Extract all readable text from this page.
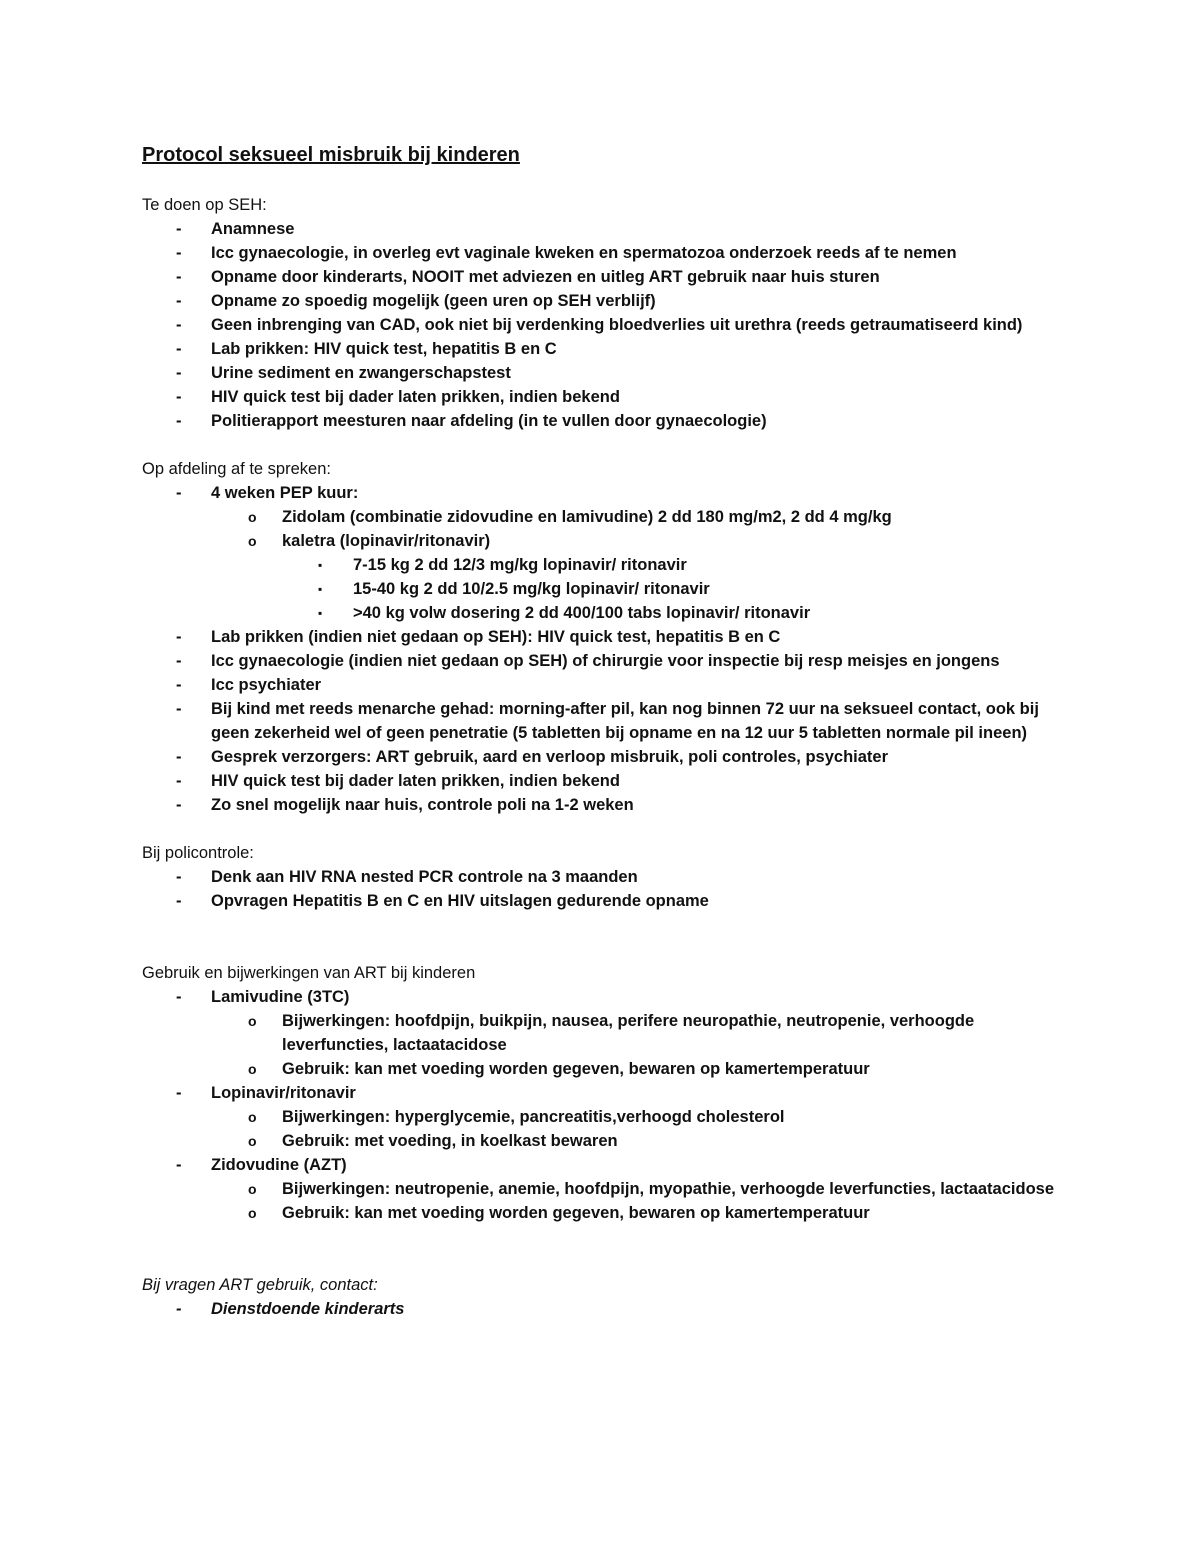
Protocol seksueel misbruik bij kinderen

Te doen op SEH:

- Anamnese
- Icc gynaecologie, in overleg evt vaginale kweken en spermatozoa onderzoek reeds af te nemen
- Opname door kinderarts, NOOIT met adviezen en uitleg ART gebruik naar huis sturen
- Opname zo spoedig mogelijk (geen uren op SEH verblijf)
- Geen inbrenging van CAD, ook niet bij verdenking bloedverlies uit urethra (reeds getraumatiseerd kind)
- Lab prikken: HIV quick test, hepatitis B en C
- Urine sediment en zwangerschapstest
- HIV quick test bij dader laten prikken, indien bekend
- Politierapport meesturen naar afdeling (in te vullen door gynaecologie)

Op afdeling af te spreken:

- 4 weken PEP kuur:
o Zidolam (combinatie zidovudine en lamivudine) 2 dd 180 mg/m2, 2 dd 4 mg/kg
o kaletra (lopinavir/ritonavir)
▪ 7-15 kg 2 dd 12/3 mg/kg lopinavir/ ritonavir
▪ 15-40 kg 2 dd 10/2.5 mg/kg lopinavir/ ritonavir
▪ >40 kg volw dosering 2 dd 400/100 tabs lopinavir/ ritonavir
- Lab prikken (indien niet gedaan op SEH): HIV quick test, hepatitis B en C
- Icc gynaecologie (indien niet gedaan op SEH) of chirurgie voor inspectie bij resp meisjes en jongens
- Icc psychiater
- Bij kind met reeds menarche gehad: morning-after pil, kan nog binnen 72 uur na seksueel contact, ook bij geen zekerheid wel of geen penetratie (5 tabletten bij opname en na 12 uur 5 tabletten normale pil ineen)
- Gesprek verzorgers: ART gebruik, aard en verloop misbruik, poli controles, psychiater
- HIV quick test bij dader laten prikken, indien bekend
- Zo snel mogelijk naar huis, controle poli na 1-2 weken

Bij policontrole:

- Denk aan HIV RNA nested PCR controle na 3 maanden
- Opvragen Hepatitis B en C en HIV uitslagen gedurende opname

Gebruik en bijwerkingen van ART bij kinderen

- Lamivudine (3TC)
o Bijwerkingen: hoofdpijn, buikpijn, nausea, perifere neuropathie, neutropenie, verhoogde leverfuncties, lactaatacidose
o Gebruik: kan met voeding worden gegeven, bewaren op kamertemperatuur
- Lopinavir/ritonavir
o Bijwerkingen: hyperglycemie, pancreatitis,verhoogd cholesterol
o Gebruik: met voeding, in koelkast bewaren
- Zidovudine (AZT)
o Bijwerkingen: neutropenie, anemie, hoofdpijn, myopathie, verhoogde leverfuncties, lactaatacidose
o Gebruik: kan met voeding worden gegeven, bewaren op kamertemperatuur

Bij vragen ART gebruik, contact:

- Dienstdoende kinderarts
